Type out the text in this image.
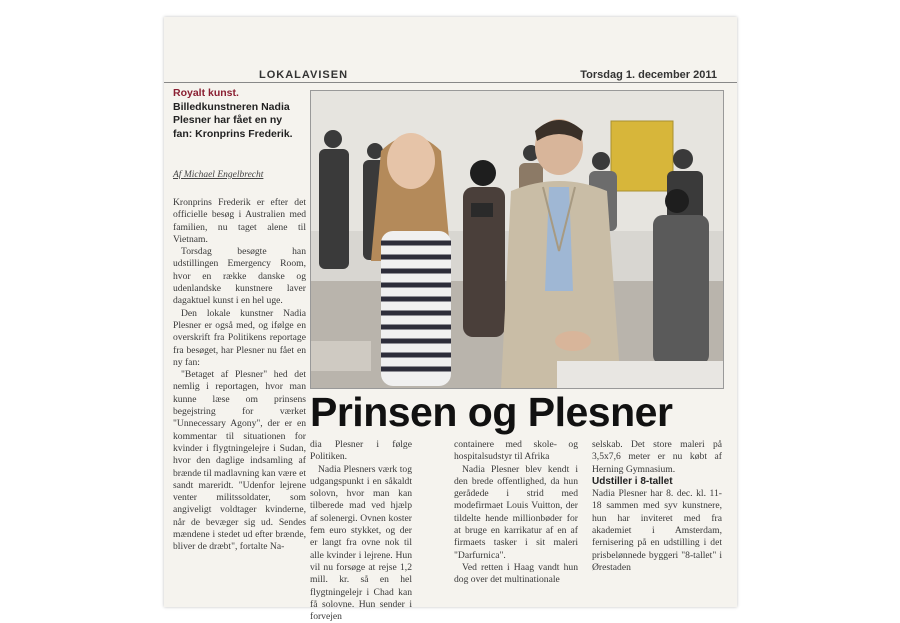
LOKALAVISEN	Torsdag 1. december 2011
Royalt kunst. Billedkunstneren Nadia Plesner har fået en ny fan: Kronprins Frederik.
Af Michael Engelbrecht
Prinsen og Plesner

Kronprins Frederik er efter det officielle besøg i Australien med familien, nu taget alene til Vietnam.

Torsdag besøgte han udstillingen Emergency Room, hvor en række danske og udenlandske kunstnere laver dagaktuel kunst i en hel uge.

Den lokale kunstner Nadia Plesner er også med, og ifølge en overskrift fra Politikens reportage fra besøget, har Plesner nu fået en ny fan:

"Betaget af Plesner" hed det nemlig i reportagen, hvor man kunne læse om prinsens begejstring for værket "Unnecessary Agony", der er en kommentar til situationen for kvinder i flygtningelejre i Sudan, hvor den daglige indsamling af brænde til madlavning kan være et sandt mareridt. "Udenfor lejrene venter militssoldater, som angiveligt voldtager kvinderne, når de bevæger sig ud. Sendes mændene i stedet ud efter brænde, bliver de dræbt", fortalte Na-

dia Plesner i følge Politiken.

Nadia Plesners værk tog udgangspunkt i en såkaldt solovn, hvor man kan tilberede mad ved hjælp af solenergi. Ovnen koster fem euro stykket, og der er langt fra ovne nok til alle kvinder i lejrene. Hun vil nu forsøge at rejse 1,2 mill. kr. så en hel flygtningelejr i Chad kan få solovne. Hun sender i forvejen

containere med skole- og hospitalsudstyr til Afrika

Nadia Plesner blev kendt i den brede offentlighed, da hun gerådede i strid med modefirmaet Louis Vuitton, der tildelte hende millionbøder for at bruge en karrikatur af en af firmaets tasker i sit maleri "Darfurnica".

Ved retten i Haag vandt hun dog over det multinationale

selskab. Det store maleri på 3,5x7,6 meter er nu købt af Herning Gymnasium.

Udstiller i 8-tallet

Nadia Plesner har 8. dec. kl. 11-18 sammen med syv kunstnere, hun har inviteret med fra akademiet i Amsterdam, fernisering på en udstilling i det prisbelønnede byggeri "8-tallet" i Ørestaden
